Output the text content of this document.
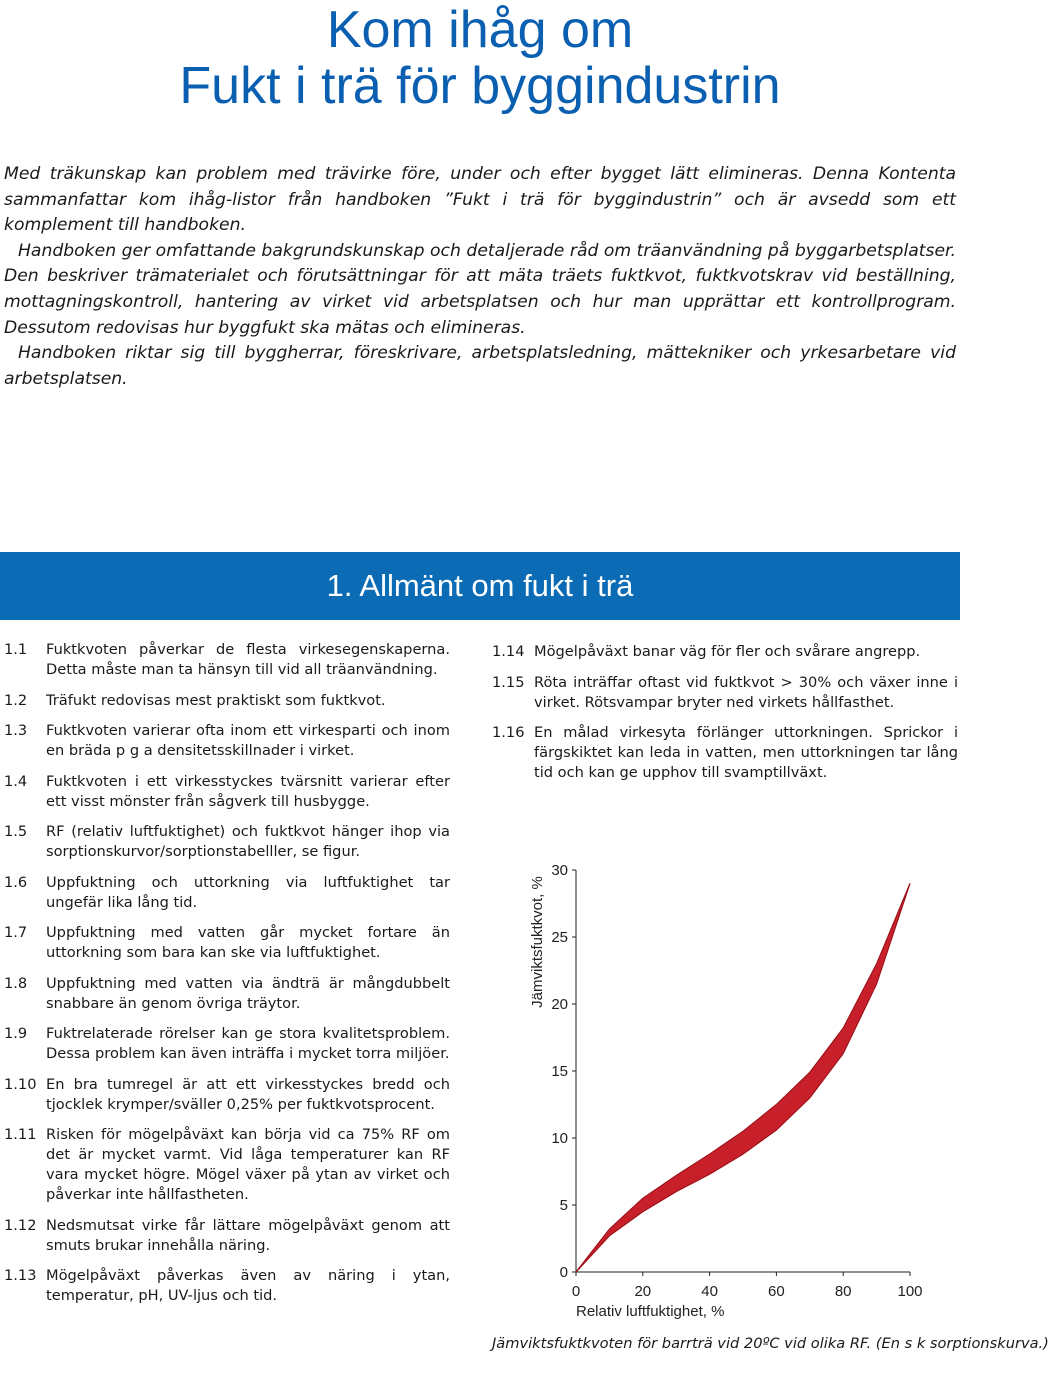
Kom ihåg om
Fukt i trä för byggindustrin

Med träkunskap kan problem med trävirke före, under och efter bygget lätt elimineras. Denna Kontenta sammanfattar kom ihåg-listor från handboken ”Fukt i trä för byggindustrin” och är avsedd som ett komplement till handboken.

Handboken ger omfattande bakgrundskunskap och detaljerade råd om träanvändning på byggarbetsplatser. Den beskriver trämaterialet och förutsättningar för att mäta träets fuktkvot, fuktkvotskrav vid beställning, mottagningskontroll, hantering av virket vid arbetsplatsen och hur man upprättar ett kontrollprogram. Dessutom redovisas hur byggfukt ska mätas och elimineras.

Handboken riktar sig till byggherrar, föreskrivare, arbetsplatsledning, mättekniker och yrkesarbetare vid arbetsplatsen.

1. Allmänt om fukt i trä
1.1	Fuktkvoten påverkar de flesta virkesegenskaperna. Detta måste man ta hänsyn till vid all träanvändning.
1.2	Träfukt redovisas mest praktiskt som fuktkvot.
1.3	Fuktkvoten varierar ofta inom ett virkesparti och inom en bräda p g a densitetsskillnader i virket.
1.4	Fuktkvoten i ett virkesstyckes tvärsnitt varierar efter ett visst mönster från sågverk till husbygge.
1.5	RF (relativ luftfuktighet) och fuktkvot hänger ihop via sorptionskurvor/sorptionstabelller, se figur.
1.6	Uppfuktning och uttorkning via luftfuktighet tar ungefär lika lång tid.
1.7	Uppfuktning med vatten går mycket fortare än uttorkning som bara kan ske via luftfuktighet.
1.8	Uppfuktning med vatten via ändträ är mångdubbelt snabbare än genom övriga träytor.
1.9	Fuktrelaterade rörelser kan ge stora kvalitetsproblem. Dessa problem kan även inträffa i mycket torra miljöer.
1.10 En bra tumregel är att ett virkesstyckes bredd och tjocklek krymper/sväller 0,25% per fuktkvotsprocent.
1.11 Risken för mögelpåväxt kan börja vid ca 75% RF om det är mycket varmt. Vid låga temperaturer kan RF vara mycket högre. Mögel växer på ytan av virket och påverkar inte hållfastheten.
1.12 Nedsmutsat virke får lättare mögelpåväxt genom att smuts brukar innehålla näring.
1.13 Mögelpåväxt påverkas även av näring i ytan, temperatur, pH, UV-ljus och tid.
1.14 Mögelpåväxt banar väg för fler och svårare angrepp.
1.15 Röta inträffar oftast vid fuktkvot > 30% och växer inne i virket. Rötsvampar bryter ned virkets hållfasthet.
1.16 En målad virkesyta förlänger uttorkningen. Sprickor i färgskiktet kan leda in vatten, men uttorkningen tar lång tid och kan ge upphov till svamptillväxt.
0
5
10
15
20
25
30
0	20	40	60	80	100
Relativ luftfuktighet, %
Jämviktsfuktkvot, %
Jämviktsfuktkvoten för barrträ vid 20ºC vid olika RF. (En s k sorptionskurva.)
